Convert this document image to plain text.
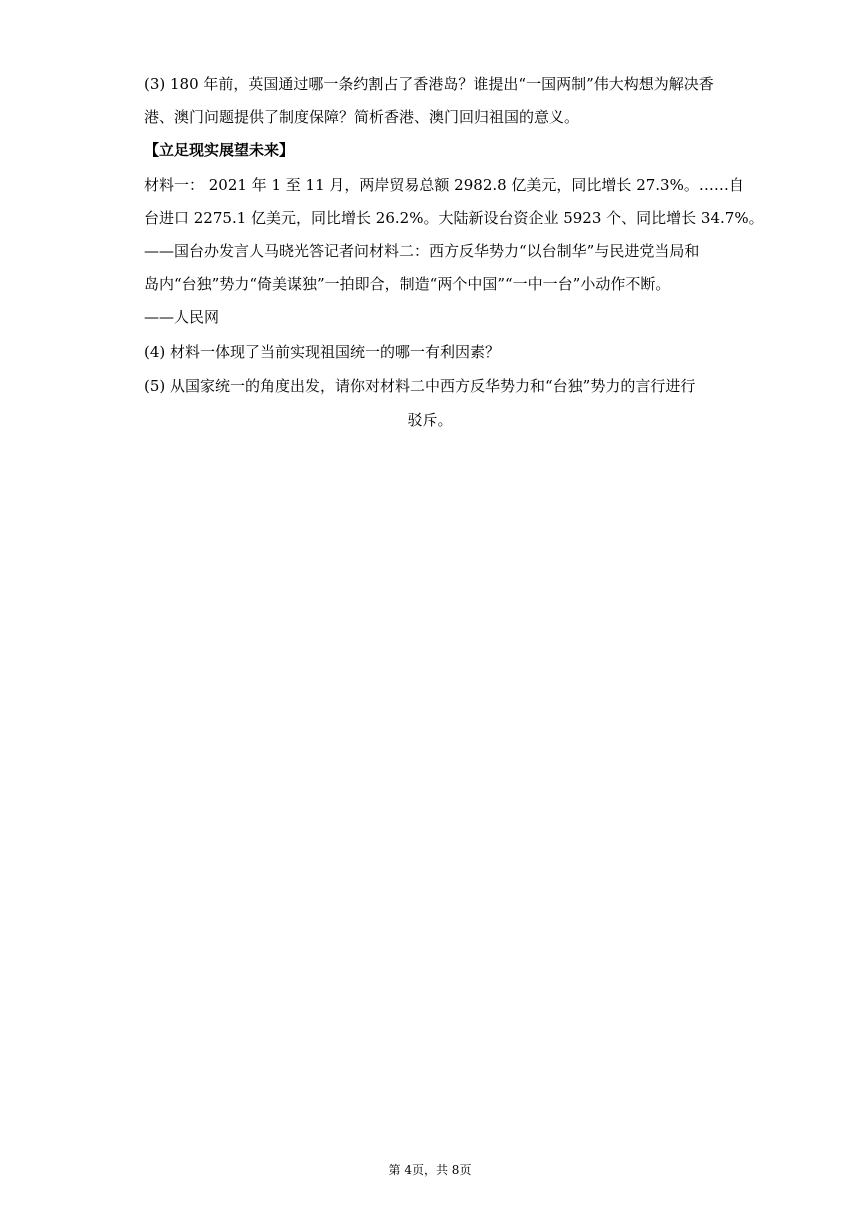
(3) 180 年前，英国通过哪一条约割占了香港岛？谁提出“一国两制”伟大构想为解决香
港、澳门问题提供了制度保障？简析香港、澳门回归祖国的意义。
【立足现实展望未来】
材料一： 2021 年 1 至 11 月，两岸贸易总额 2982.8 亿美元，同比增长 27.3%。……自
台进口 2275.1 亿美元，同比增长 26.2%。大陆新设台资企业 5923 个、同比增长 34.7%。
——国台办发言人马晓光答记者问材料二：西方反华势力“以台制华”与民进党当局和
岛内“台独”势力“倚美谋独”一拍即合，制造“两个中国”“一中一台”小动作不断。
——人民网
(4) 材料一体现了当前实现祖国统一的哪一有利因素？
(5) 从国家统一的角度出发，请你对材料二中西方反华势力和“台独”势力的言行进行
驳斥。
第 4页，共 8页
